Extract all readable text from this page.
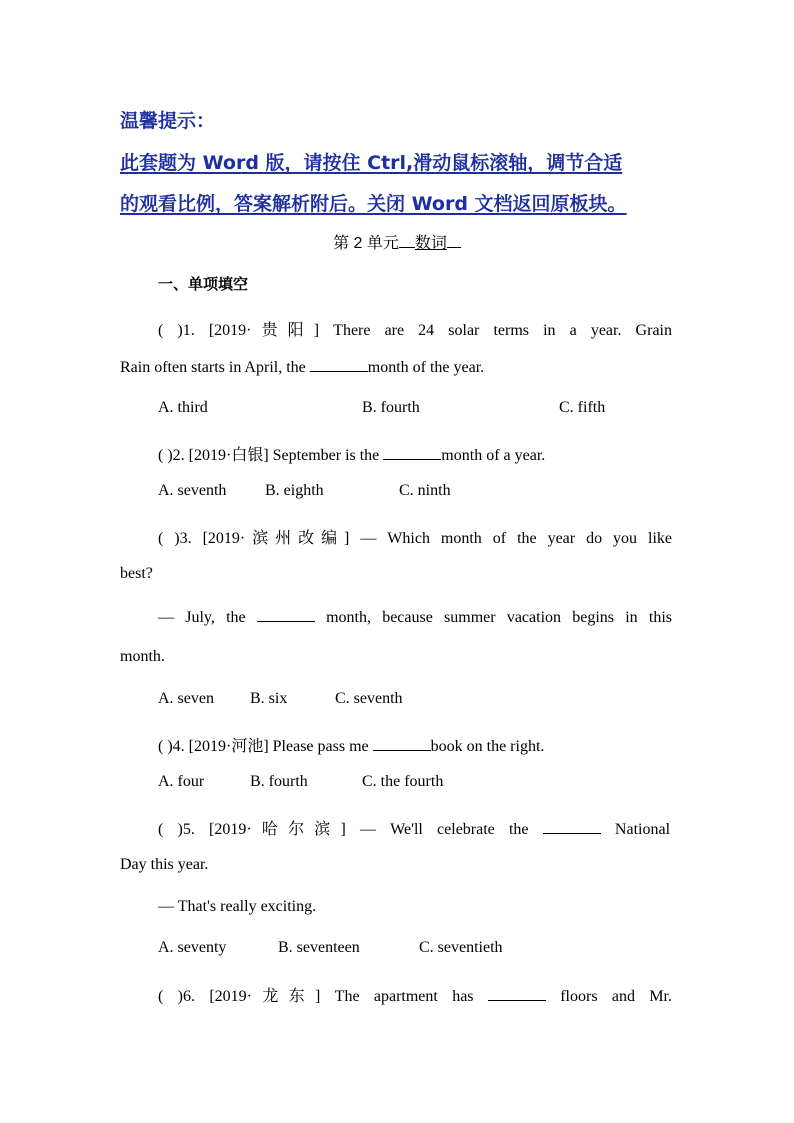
温馨提示：

此套题为 Word 版，请按住 Ctrl,滑动鼠标滚轴，调节合适

的观看比例，答案解析附后。关闭 Word 文档返回原板块。

第 2 单元 数词

一、单项填空

( )1. [2019·贵阳] There are 24 solar terms in a year. Grain

Rain often starts in April, the	month of the year.

A. third	B. fourth	C. fifth

( )2. [2019·白银] September is the	month of a year.

A. seventh B. eighth	C. ninth

( )3. [2019·滨州改编] — Which month of the year do you like

best?

— July, the	month, because summer vacation begins in this

month.

A. seven B. six	C. seventh

( )4. [2019·河池] Please pass me	book on the right.

A. four	B. fourth	C. the fourth

( )5. [2019·哈尔滨] — We'll celebrate the	National

Day this year.

— That's really exciting.

A. seventy	B. seventeen	C. seventieth

( )6. [2019·龙东] The apartment has	floors and Mr.
